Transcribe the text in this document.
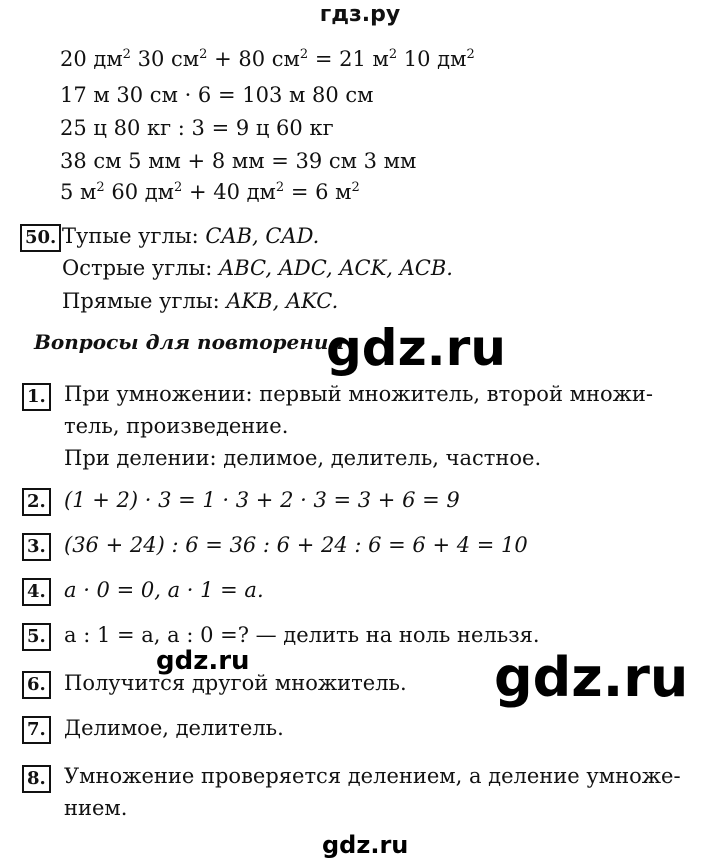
гдз.ру
20 $дм^2$ 30 $см^2 + 80$ $см^2 = 21$ $м^2$ 10 $дм^2$
17 м 30 см · 6 = 103 м 80 см
25 ц 80 кг : 3 = 9 ц 60 кг
38 см 5 мм + 8 мм = 39 см 3 мм
5 $м^2$ 60 $дм^2 + 40$ $дм^2 = 6$ $м^2$
50. Тупые углы: CAB, CAD.
Острые углы: ABC, ADC, ACK, ACB.
Прямые углы: AKB, AKC.
Вопросы для повторения
gdz.ru
1. При умножении: первый множитель, второй множи-
тель, произведение.
При делении: делимое, делитель, частное.
2. (1 + 2) · 3 = 1 · 3 + 2 · 3 = 3 + 6 = 9
3. (36 + 24) : 6 = 36 : 6 + 24 : 6 = 6 + 4 = 10
4. a · 0 = 0, a · 1 = a.
5. a : 1 = a, a : 0 =? — делить на ноль нельзя.
gdz.ru	gdz.ru
6. Получится другой множитель.
7. Делимое, делитель.
8. Умножение проверяется делением, а деление умноже-
нием.
gdz.ru
